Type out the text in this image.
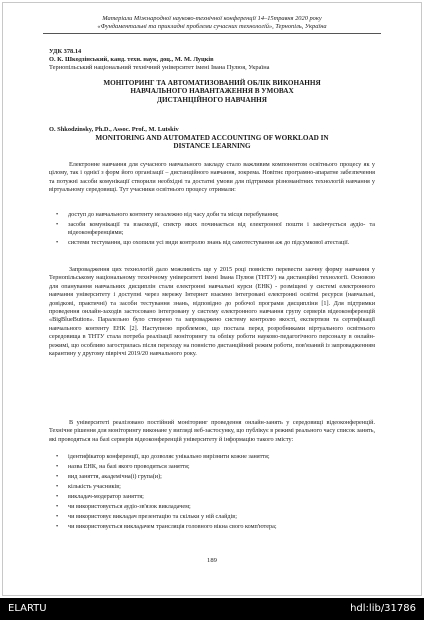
Матеріали Міжнародної науково-технічної конференції 14–15травня 2020 року
«Фундаментальні та прикладні проблеми сучасних технологій», Тернопіль, Україна
УДК 378.14
О. К. Шкодзінський, канд. техн. наук, доц., М. М. Луцків
Тернопільський національний технічний університет імені Івана Пулюя, Україна
МОНІТОРИНГ ТА АВТОМАТИЗОВАНИЙ ОБЛІК ВИКОНАННЯ
НАВЧАЛЬНОГО НАВАНТАЖЕННЯ В УМОВАХ
ДИСТАНЦІЙНОГО НАВЧАННЯ
O. Shkodzinsky, Ph.D., Assoc. Prof., M. Lutskiv
MONITORING AND AUTOMATED ACCOUNTING OF WORKLOAD IN
DISTANCE LEARNING
Електронне навчання для сучасного навчального закладу стало важливим компонентом освітнього процесу як у цілому, так і однієї з форм його організації – дистанційного навчання, зокрема. Новітнє програмно-апаратне забезпечення та потужні засоби комунікації створили необхідні та достатні умови для підтримки різноманітних технологій навчання у віртуальному середовищі. Тут учасники освітнього процесу отримали:
• доступ до навчального контенту незалежно від часу доби та місця перебування;
• засоби комунікації та взаємодії, спектр яких починається від електронної пошти і закінчується аудіо- та відеоконференціями;
• системи тестування, що охопили усі види контролю знань від самотестування аж до підсумкової атестації.
Запровадження цих технологій дало можливість ще у 2015 році повністю перевести заочну форму навчання у Тернопільському національному технічному університеті імені Івана Пулюя (ТНТУ) на дистанційні технології. Основою для опанування навчальних дисциплін стали електронні навчальні курси (ЕНК) - розміщені у системі електронного навчання університету і доступні через мережу Інтернет взаємно інтегровані електронні освітні ресурси (навчальні, довідкові, практичні) та засоби тестування знань, відповідно до робочої програми дисципліни [1]. Для підтримки проведення онлайн-заходів застосовано інтегровану у систему електронного навчання групу серверів відеоконференцій «BigBlueButton». Паралельно було створено та запроваджено систему контролю якості, експертизи та сертифікації навчального контенту ЕНК [2]. Наступною проблемою, що постала перед розробниками віртуального освітнього середовища в ТНТУ стала потреба реалізації моніторингу та обліку роботи науково-педагогічного персоналу в онлайн-режимі, що особливо загострилась після переходу на повністю дистанційний режим роботи, пов'язаний із запровадженням карантину у другому півріччі 2019/20 навчального року.
В університеті реалізовано постійний моніторинг проведення онлайн-занять у середовищі відеоконференцій. Технічне рішення для моніторингу виконане у вигляді веб-застосунку, що публікує в режимі реального часу список занять, які проводяться на базі серверів відеоконференцій університету й інформацію такого змісту:
• ідентифікатор конференції, що дозволяє унікально вирізнити кожне заняття;
• назва ЕНК, на базі якого проводиться заняття;
• вид заняття, академічна(і) група(и);
• кількість учасників;
• викладач-модератор заняття;
• чи використовується аудіо-зв'язок викладачем;
• чи використовує викладач презентацію та скільки у ній слайдів;
• чи використовується викладачем трансляція головного вікна свого комп'ютера;
189
ELARTU	hdl:lib/31786
